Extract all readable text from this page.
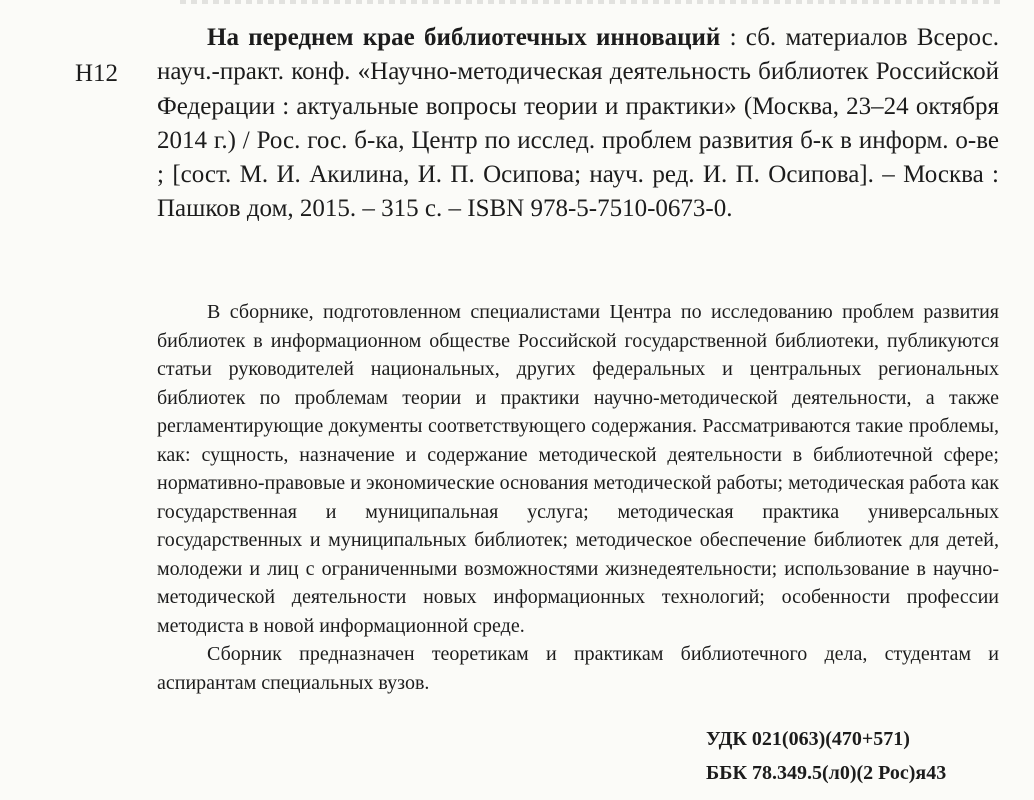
Н12

На переднем крае библиотечных инноваций : сб. материалов Всерос. науч.-практ. конф. «Научно-методическая деятельность библиотек Российской Федерации : актуальные вопросы теории и практики» (Москва, 23–24 октября 2014 г.) / Рос. гос. б-ка, Центр по исслед. проблем развития б-к в информ. о-ве ; [сост. М. И. Акилина, И. П. Осипова; науч. ред. И. П. Осипова]. – Москва : Пашков дом, 2015. – 315 с. – ISBN 978-5-7510-0673-0.

В сборнике, подготовленном специалистами Центра по исследованию проблем развития библиотек в информационном обществе Российской государственной библиотеки, публикуются статьи руководителей национальных, других федеральных и центральных региональных библиотек по проблемам теории и практики научно-методической деятельности, а также регламентирующие документы соответствующего содержания. Рассматриваются такие проблемы, как: сущность, назначение и содержание методической деятельности в библиотечной сфере; нормативно-правовые и экономические основания методической работы; методическая работа как государственная и муниципальная услуга; методическая практика универсальных государственных и муниципальных библиотек; методическое обеспечение библиотек для детей, молодежи и лиц с ограниченными возможностями жизнедеятельности; использование в научно-методической деятельности новых информационных технологий; особенности профессии методиста в новой информационной среде.

Сборник предназначен теоретикам и практикам библиотечного дела, студентам и аспирантам специальных вузов.

УДК 021(063)(470+571)
ББК 78.349.5(л0)(2 Рос)я43
